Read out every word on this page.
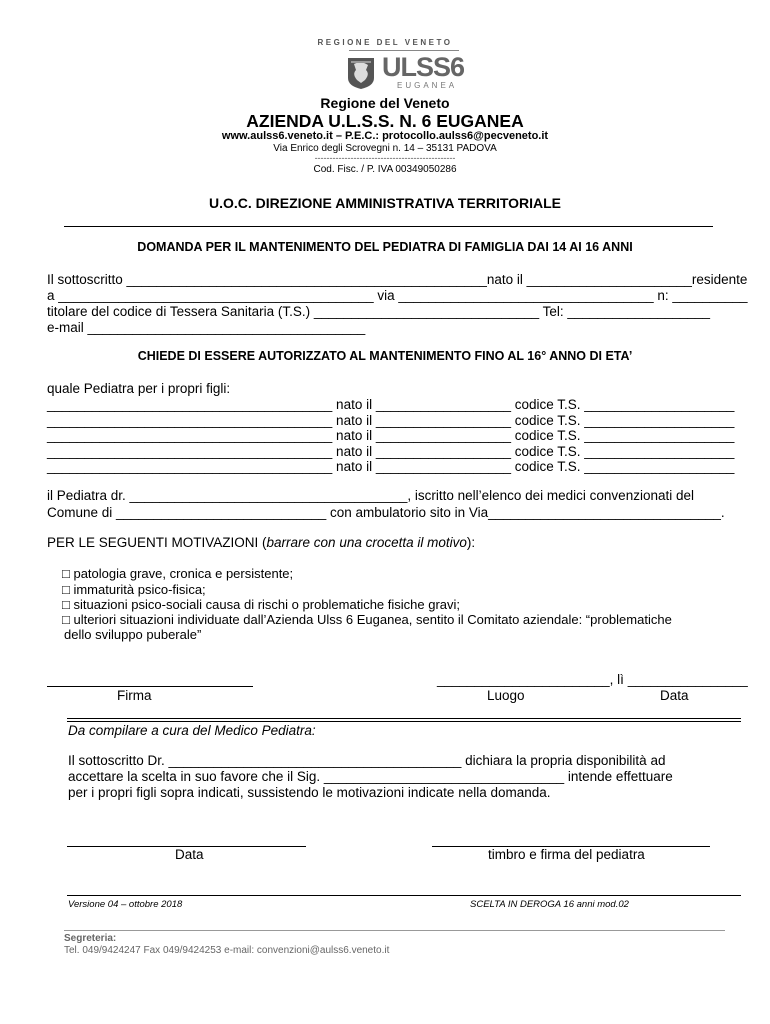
REGIONE DEL VENETO
ULSS6
EUGANEA
Regione del Veneto
AZIENDA U.L.S.S. N. 6 EUGANEA
www.aulss6.veneto.it – P.E.C.: protocollo.aulss6@pecveneto.it
Via Enrico degli Scrovegni n. 14 – 35131 PADOVA
-----------------------------------------------
Cod. Fisc. / P. IVA 00349050286
U.O.C. DIREZIONE AMMINISTRATIVA TERRITORIALE
DOMANDA PER IL MANTENIMENTO DEL PEDIATRA DI FAMIGLIA DAI 14 AI 16 ANNI
Il sottoscritto ________________________________________________nato il ______________________residente
a __________________________________________ via __________________________________ n: __________
titolare del codice di Tessera Sanitaria (T.S.) ______________________________ Tel: ___________________
e-mail _____________________________________
CHIEDE DI ESSERE AUTORIZZATO AL MANTENIMENTO FINO AL 16° ANNO DI ETA’
quale Pediatra per i propri figli:
______________________________________ nato il __________________ codice T.S. ____________________
______________________________________ nato il __________________ codice T.S. ____________________
______________________________________ nato il __________________ codice T.S. ____________________
______________________________________ nato il __________________ codice T.S. ____________________
______________________________________ nato il __________________ codice T.S. ____________________
il Pediatra dr. _____________________________________, iscritto nell’elenco dei medici convenzionati del
Comune di ____________________________ con ambulatorio sito in Via_______________________________.
PER LE SEGUENTI MOTIVAZIONI (barrare con una crocetta il motivo):
□ patologia grave, cronica e persistente;
□ immaturità psico-fisica;
□ situazioni psico-sociali causa di rischi o problematiche fisiche gravi;
□ ulteriori situazioni individuate dall’Azienda Ulss 6 Euganea, sentito il Comitato aziendale: “problematiche
dello sviluppo puberale”
Firma
_______________________, lì ________________
Luogo	Data
Da compilare a cura del Medico Pediatra:
Il sottoscritto Dr. _______________________________________ dichiara la propria disponibilità ad
accettare la scelta in suo favore che il Sig. ________________________________ intende effettuare
per i propri figli sopra indicati, sussistendo le motivazioni indicate nella domanda.
Data	timbro e firma del pediatra
Versione 04 – ottobre 2018	SCELTA IN DEROGA 16 anni mod.02
Segreteria:
Tel. 049/9424247 Fax 049/9424253 e-mail: convenzioni@aulss6.veneto.it
